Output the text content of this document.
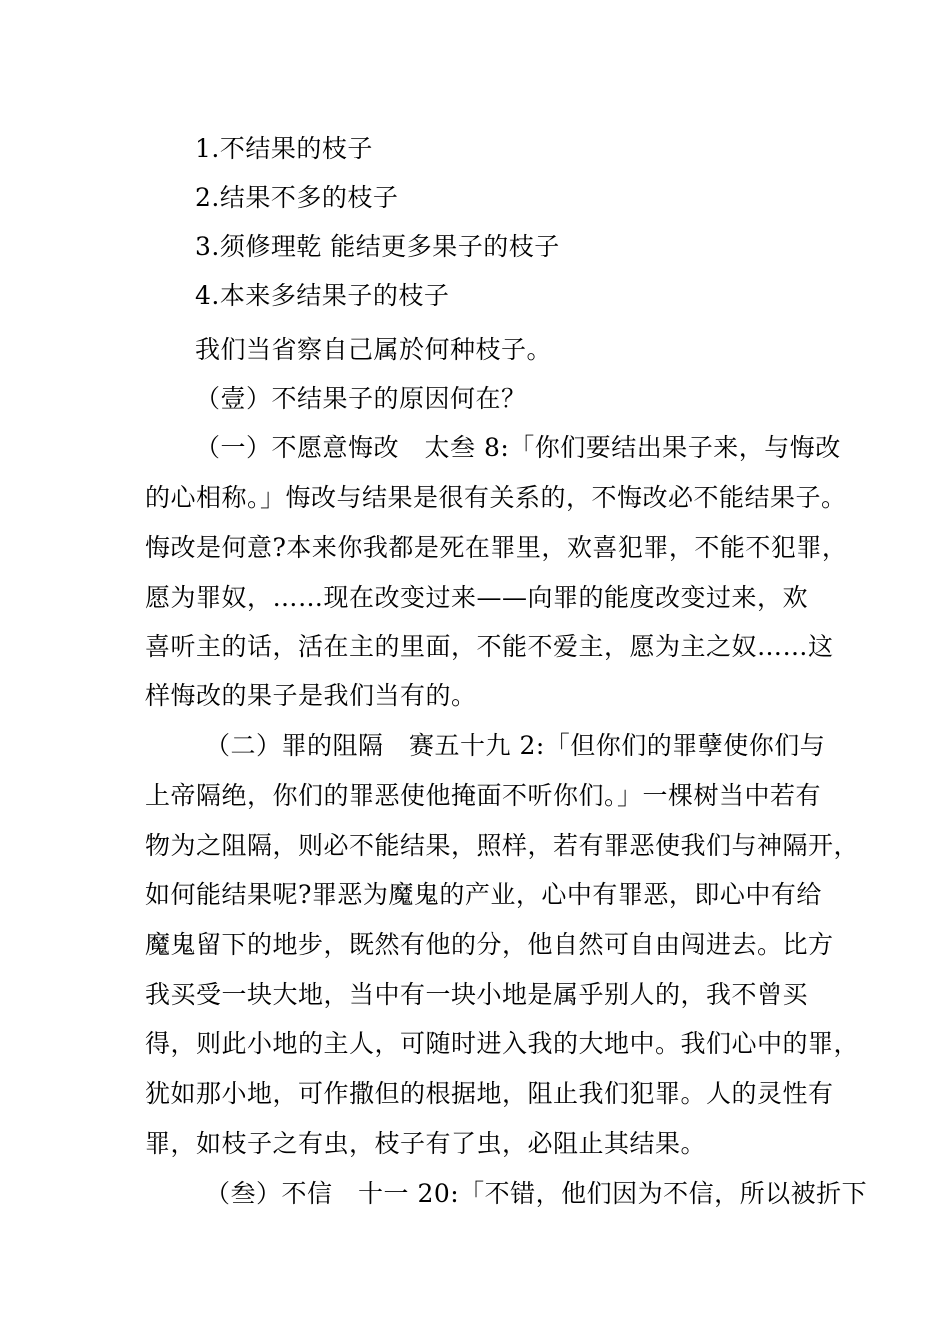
1.不结果的枝子
2.结果不多的枝子
3.须修理乾 能结更多果子的枝子
4.本来多结果子的枝子
我们当省察自己属於何种枝子。
（壹）不结果子的原因何在？
（一）不愿意悔改　太叁 8:「你们要结出果子来，与悔改
的心相称。」悔改与结果是很有关系的，不悔改必不能结果子。
悔改是何意?本来你我都是死在罪里，欢喜犯罪，不能不犯罪，
愿为罪奴，……现在改变过来——向罪的能度改变过来，欢
喜听主的话，活在主的里面，不能不爱主，愿为主之奴……这
样悔改的果子是我们当有的。
（二）罪的阻隔　赛五十九 2:「但你们的罪孽使你们与
上帝隔绝，你们的罪恶使他掩面不听你们。」一棵树当中若有
物为之阻隔，则必不能结果，照样，若有罪恶使我们与神隔开，
如何能结果呢?罪恶为魔鬼的产业，心中有罪恶，即心中有给
魔鬼留下的地步，既然有他的分，他自然可自由闯进去。比方
我买受一块大地，当中有一块小地是属乎别人的，我不曾买
得，则此小地的主人，可随时进入我的大地中。我们心中的罪，
犹如那小地，可作撒但的根据地，阻止我们犯罪。人的灵性有
罪，如枝子之有虫，枝子有了虫，必阻止其结果。
（叁）不信　十一 20:「不错，他们因为不信，所以被折下
